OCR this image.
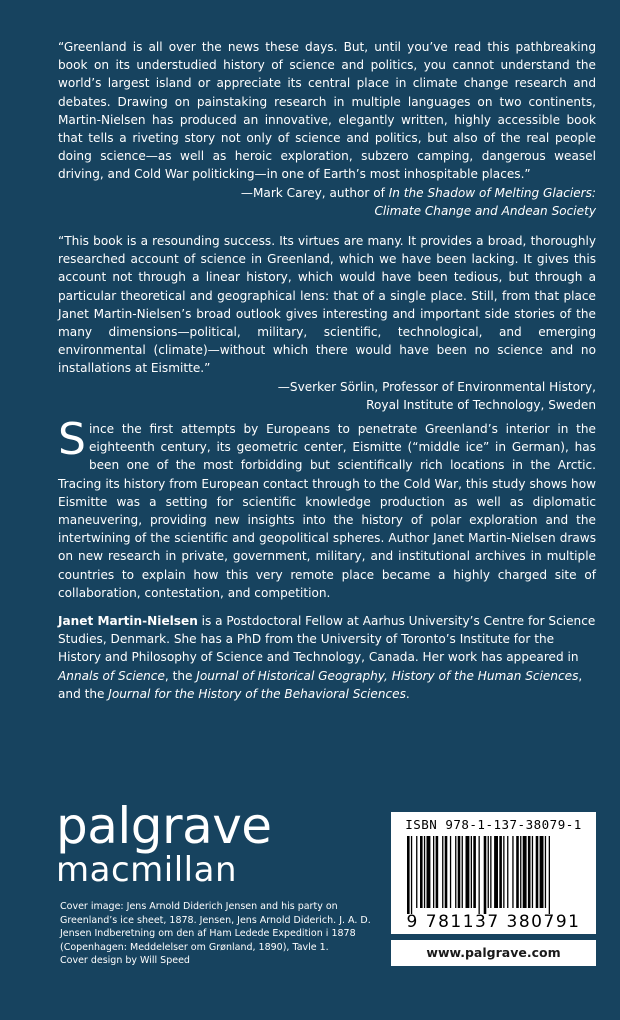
“Greenland is all over the news these days. But, until you’ve read this pathbreaking book on its understudied history of science and politics, you cannot understand the world’s largest island or appreciate its central place in climate change research and debates. Drawing on painstaking research in multiple languages on two continents, Martin-Nielsen has produced an innovative, elegantly written, highly accessible book that tells a riveting story not only of science and politics, but also of the real people doing science—as well as heroic exploration, subzero camping, dangerous weasel driving, and Cold War politicking—in one of Earth’s most inhospitable places.”
—Mark Carey, author of In the Shadow of Melting Glaciers:
Climate Change and Andean Society
“This book is a resounding success. Its virtues are many. It provides a broad, thoroughly researched account of science in Greenland, which we have been lacking. It gives this account not through a linear history, which would have been tedious, but through a particular theoretical and geographical lens: that of a single place. Still, from that place Janet Martin-Nielsen’s broad outlook gives interesting and important side stories of the many dimensions—political, military, scientific, technological, and emerging environmental (climate)—without which there would have been no science and no installations at Eismitte.”
—Sverker Sörlin, Professor of Environmental History,
Royal Institute of Technology, Sweden
Since the first attempts by Europeans to penetrate Greenland’s interior in the eighteenth century, its geometric center, Eismitte (“middle ice” in German), has been one of the most forbidding but scientifically rich locations in the Arctic. Tracing its history from European contact through to the Cold War, this study shows how Eismitte was a setting for scientific knowledge production as well as diplomatic maneuvering, providing new insights into the history of polar exploration and the intertwining of the scientific and geopolitical spheres. Author Janet Martin-Nielsen draws on new research in private, government, military, and institutional archives in multiple countries to explain how this very remote place became a highly charged site of collaboration, contestation, and competition.
Janet Martin-Nielsen is a Postdoctoral Fellow at Aarhus University’s Centre for Science Studies, Denmark. She has a PhD from the University of Toronto’s Institute for the History and Philosophy of Science and Technology, Canada. Her work has appeared in Annals of Science, the Journal of Historical Geography, History of the Human Sciences, and the Journal for the History of the Behavioral Sciences.
palgrave
macmillan
Cover image: Jens Arnold Diderich Jensen and his party on Greenland’s ice sheet, 1878. Jensen, Jens Arnold Diderich. J. A. D. Jensen Indberetning om den af Ham Ledede Expedition i 1878 (Copenhagen: Meddelelser om Grønland, 1890), Tavle 1.
Cover design by Will Speed
ISBN 978-1-137-38079-1
9 781137 380791
www.palgrave.com
